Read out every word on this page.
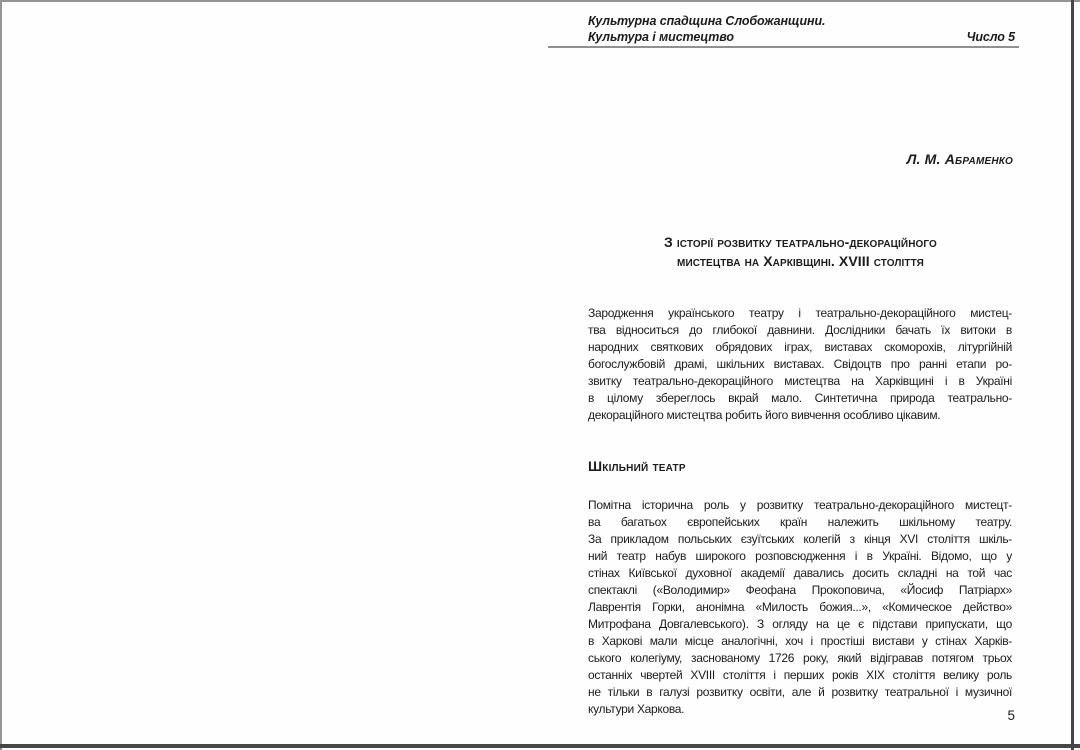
Культурна спадщина Слобожанщини.
Культура і мистецтво	Число 5
Л. М. Абраменко
З історії розвитку театрально-декораційного
мистецтва на Харківщині. XVIII століття
Зародження українського театру і театрально-декораційного мистец-
тва відноситься до глибокої давнини. Дослідники бачать їх витоки в
народних святкових обрядових іграх, виставах скоморохів, літургійній
богослужбовій драмі, шкільних виставах. Свідоцтв про ранні етапи ро-
звитку театрально-декораційного мистецтва на Харківщині і в Україні
в цілому збереглось вкрай мало. Синтетична природа театрально-
декораційного мистецтва робить його вивчення особливо цікавим.
Шкільний театр
Помітна історична роль у розвитку театрально-декораційного мистецт-
ва багатьох європейських країн належить шкільному театру.
За прикладом польських єзуїтських колегій з кінця XVI століття шкіль-
ний театр набув широкого розповсюдження і в Україні. Відомо, що у
стінах Київської духовної академії давались досить складні на той час
спектаклі («Володимир» Феофана Прокоповича, «Йосиф Патріарх»
Лаврентія Горки, анонімна «Милость божия...», «Комическое действо»
Митрофана Довгалевського). З огляду на це є підстави припускати, що
в Харкові мали місце аналогічні, хоч і простіші вистави у стінах Харків-
ського колегіуму, заснованому 1726 року, який відігравав потягом трьох
останніх чвертей XVIII століття і перших років XIX століття велику роль
не тільки в галузі розвитку освіти, але й розвитку театральної і музичної
культури Харкова.	5
